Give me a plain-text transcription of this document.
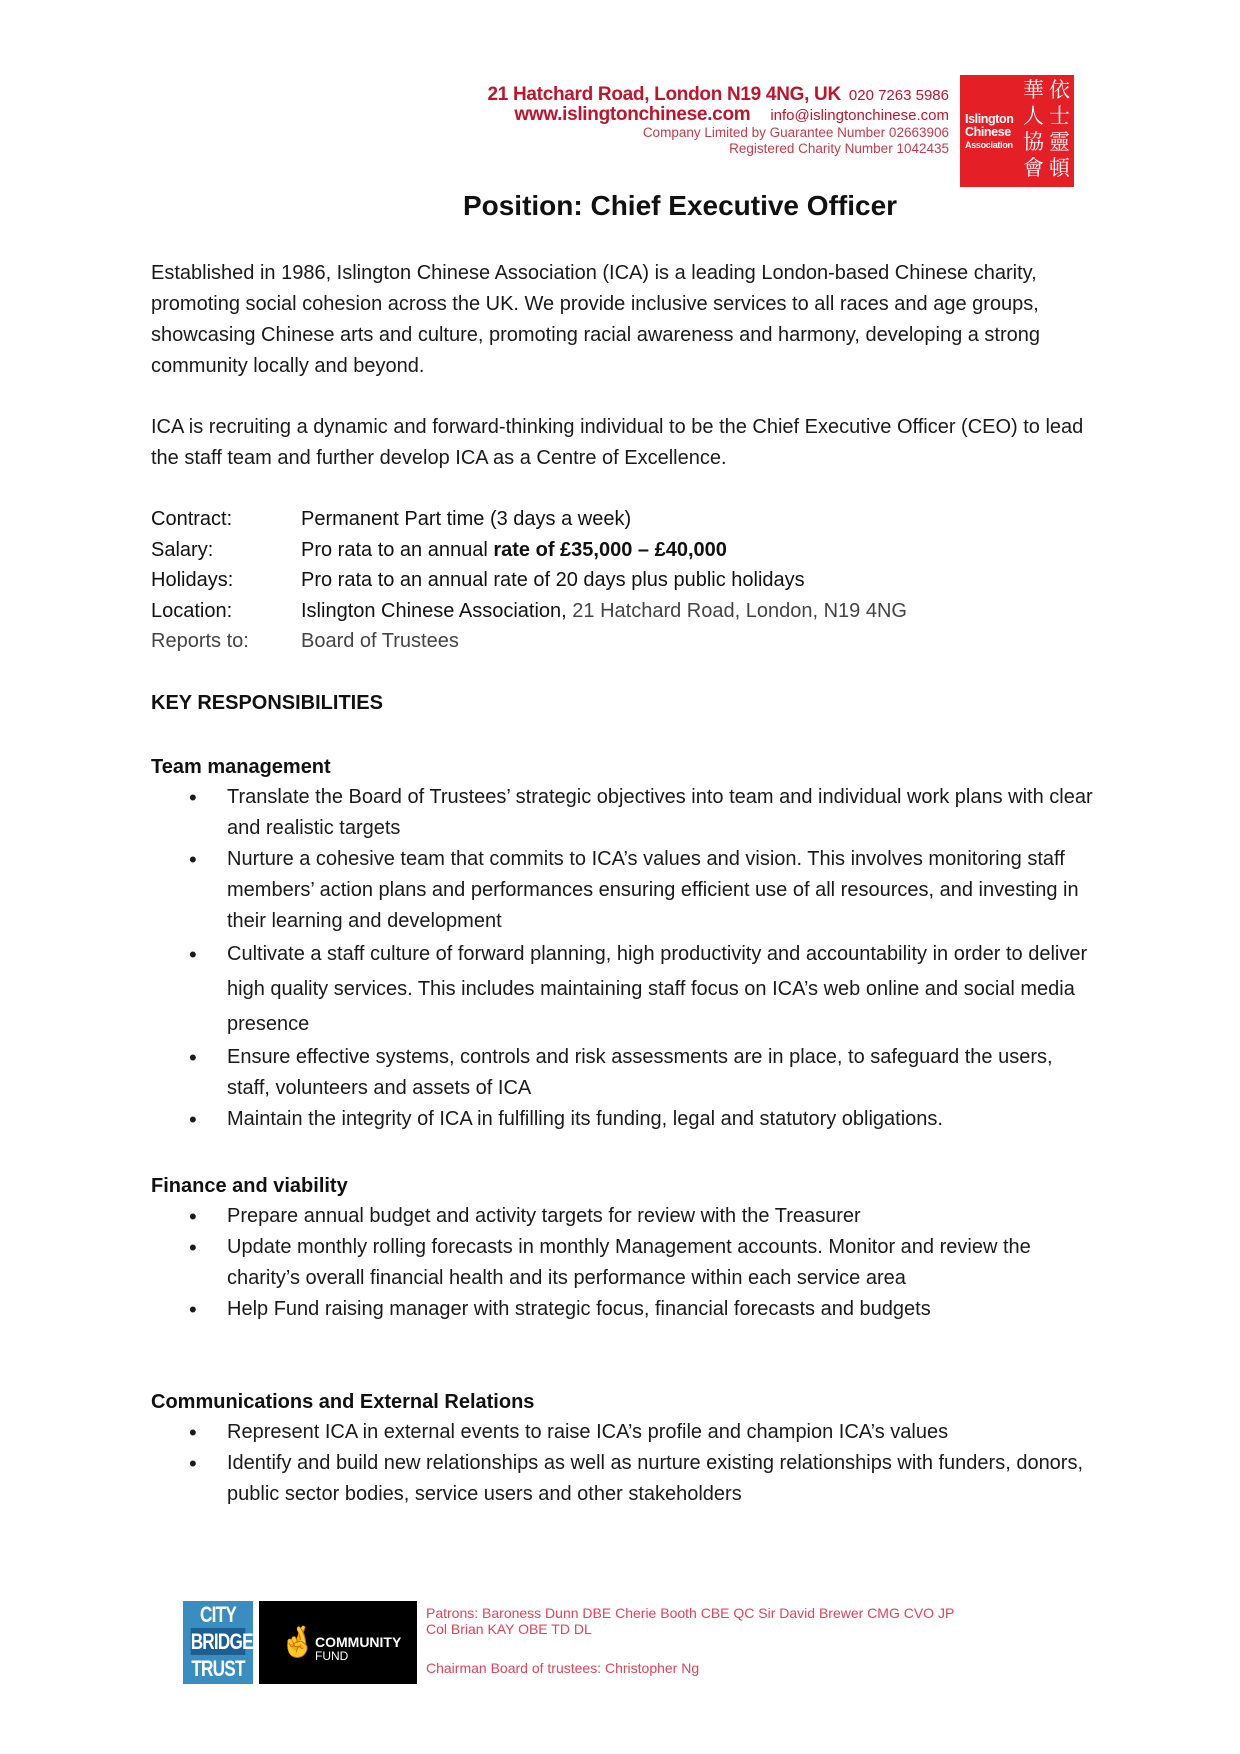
21 Hatchard Road, London N19 4NG, UK 020 7263 5986
www.islingtonchinese.com info@islingtonchinese.com
Company Limited by Guarantee Number 02663906
Registered Charity Number 1042435
Islington
Chinese
Association
依
士
靈
頓
華
人
協
會
Position: Chief Executive Officer
Established in 1986, Islington Chinese Association (ICA) is a leading London-based Chinese charity, promoting social cohesion across the UK. We provide inclusive services to all races and age groups, showcasing Chinese arts and culture, promoting racial awareness and harmony, developing a strong community locally and beyond.
ICA is recruiting a dynamic and forward-thinking individual to be the Chief Executive Officer (CEO) to lead the staff team and further develop ICA as a Centre of Excellence.
Contract:	Permanent Part time (3 days a week)
Salary:	Pro rata to an annual rate of £35,000 – £40,000
Holidays:	Pro rata to an annual rate of 20 days plus public holidays
Location:	Islington Chinese Association, 21 Hatchard Road, London, N19 4NG
Reports to:	Board of Trustees
KEY RESPONSIBILITIES
Team management
• Translate the Board of Trustees’ strategic objectives into team and individual work plans with clear and realistic targets
• Nurture a cohesive team that commits to ICA’s values and vision. This involves monitoring staff members’ action plans and performances ensuring efficient use of all resources, and investing in their learning and development
• Cultivate a staff culture of forward planning, high productivity and accountability in order to deliver high quality services. This includes maintaining staff focus on ICA’s web online and social media presence
• Ensure effective systems, controls and risk assessments are in place, to safeguard the users, staff, volunteers and assets of ICA
• Maintain the integrity of ICA in fulfilling its funding, legal and statutory obligations.
Finance and viability
• Prepare annual budget and activity targets for review with the Treasurer
• Update monthly rolling forecasts in monthly Management accounts. Monitor and review the charity’s overall financial health and its performance within each service area
• Help Fund raising manager with strategic focus, financial forecasts and budgets
Communications and External Relations
• Represent ICA in external events to raise ICA’s profile and champion ICA’s values
• Identify and build new relationships as well as nurture existing relationships with funders, donors, public sector bodies, service users and other stakeholders
CITY
BRIDGE
TRUST
🤞
COMMUNITY
FUND
Patrons: Baroness Dunn DBE Cherie Booth CBE QC Sir David Brewer CMG CVO JP
Col Brian KAY OBE TD DL
Chairman Board of trustees: Christopher Ng
